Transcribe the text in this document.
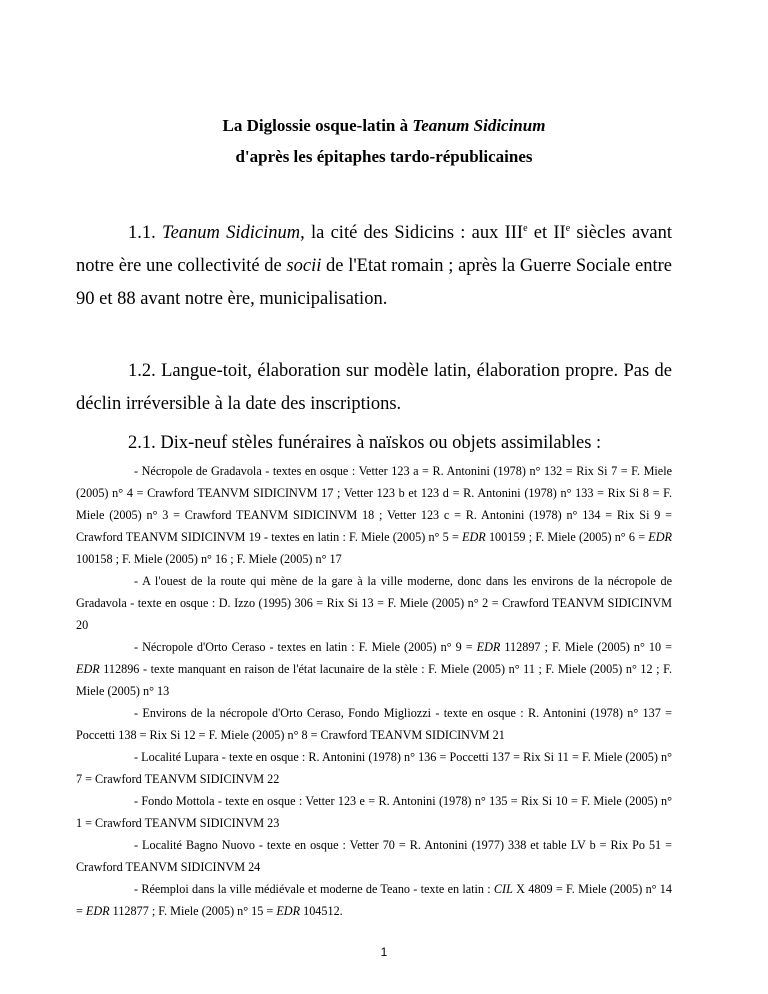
La Diglossie osque-latin à Teanum Sidicinum
d'après les épitaphes tardo-républicaines
1.1. Teanum Sidicinum, la cité des Sidicins : aux IIIe et IIe siècles avant notre ère une collectivité de socii de l'Etat romain ; après la Guerre Sociale entre 90 et 88 avant notre ère, municipalisation.
1.2. Langue-toit, élaboration sur modèle latin, élaboration propre. Pas de déclin irréversible à la date des inscriptions.
2.1. Dix-neuf stèles funéraires à naïskos ou objets assimilables :

- Nécropole de Gradavola - textes en osque : Vetter 123 a = R. Antonini (1978) n° 132 = Rix Si 7 = F. Miele (2005) n° 4 = Crawford TEANVM SIDICINVM 17 ; Vetter 123 b et 123 d = R. Antonini (1978) n° 133 = Rix Si 8 = F. Miele (2005) n° 3 = Crawford TEANVM SIDICINVM 18 ; Vetter 123 c = R. Antonini (1978) n° 134 = Rix Si 9 = Crawford TEANVM SIDICINVM 19 - textes en latin : F. Miele (2005) n° 5 = EDR 100159 ; F. Miele (2005) n° 6 = EDR 100158 ; F. Miele (2005) n° 16 ; F. Miele (2005) n° 17

- A l'ouest de la route qui mène de la gare à la ville moderne, donc dans les environs de la nécropole de Gradavola - texte en osque : D. Izzo (1995) 306 = Rix Si 13 = F. Miele (2005) n° 2 = Crawford TEANVM SIDICINVM 20

- Nécropole d'Orto Ceraso - textes en latin : F. Miele (2005) n° 9 = EDR 112897 ; F. Miele (2005) n° 10 = EDR 112896 - texte manquant en raison de l'état lacunaire de la stèle : F. Miele (2005) n° 11 ; F. Miele (2005) n° 12 ; F. Miele (2005) n° 13

- Environs de la nécropole d'Orto Ceraso, Fondo Migliozzi - texte en osque : R. Antonini (1978) n° 137 = Poccetti 138 = Rix Si 12 = F. Miele (2005) n° 8 = Crawford TEANVM SIDICINVM 21

- Localité Lupara - texte en osque : R. Antonini (1978) n° 136 = Poccetti 137 = Rix Si 11 = F. Miele (2005) n° 7 = Crawford TEANVM SIDICINVM 22

- Fondo Mottola - texte en osque : Vetter 123 e = R. Antonini (1978) n° 135 = Rix Si 10 = F. Miele (2005) n° 1 = Crawford TEANVM SIDICINVM 23

- Localité Bagno Nuovo - texte en osque : Vetter 70 = R. Antonini (1977) 338 et table LV b = Rix Po 51 = Crawford TEANVM SIDICINVM 24

- Réemploi dans la ville médiévale et moderne de Teano - texte en latin : CIL X 4809 = F. Miele (2005) n° 14 = EDR 112877 ; F. Miele (2005) n° 15 = EDR 104512.

1
